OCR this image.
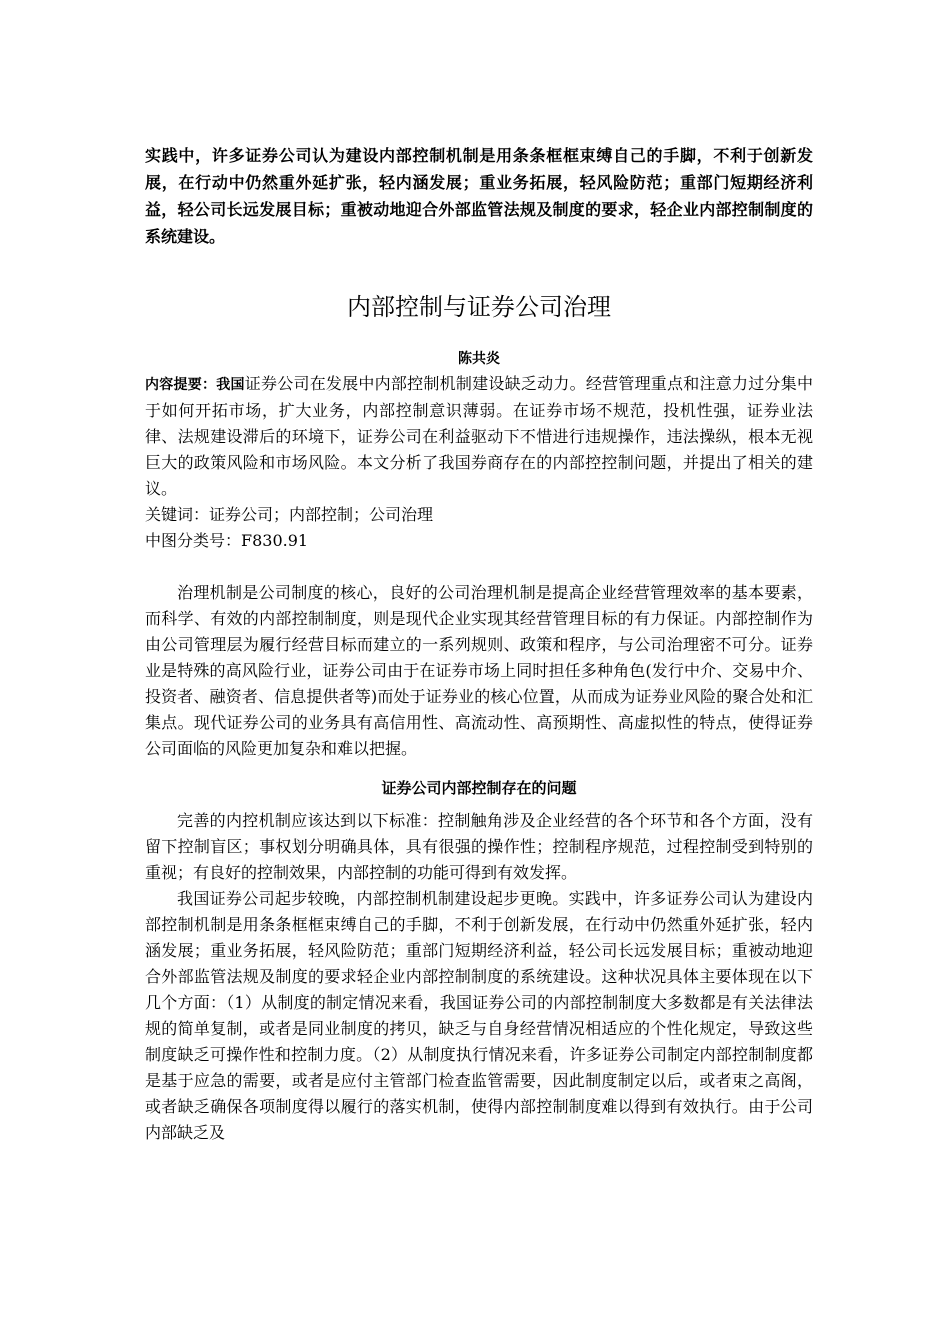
实践中，许多证券公司认为建设内部控制机制是用条条框框束缚自己的手脚，不利于创新发展，在行动中仍然重外延扩张，轻内涵发展；重业务拓展，轻风险防范；重部门短期经济利益，轻公司长远发展目标；重被动地迎合外部监管法规及制度的要求，轻企业内部控制制度的系统建设。

内部控制与证券公司治理
陈共炎

内容提要：我国证券公司在发展中内部控制机制建设缺乏动力。经营管理重点和注意力过分集中于如何开拓市场，扩大业务，内部控制意识薄弱。在证券市场不规范，投机性强，证券业法律、法规建设滞后的环境下，证券公司在利益驱动下不惜进行违规操作，违法操纵，根本无视巨大的政策风险和市场风险。本文分析了我国券商存在的内部控控制问题，并提出了相关的建议。

关键词：证券公司；内部控制；公司治理

中图分类号：F830.91

治理机制是公司制度的核心，良好的公司治理机制是提高企业经营管理效率的基本要素，而科学、有效的内部控制制度，则是现代企业实现其经营管理目标的有力保证。内部控制作为由公司管理层为履行经营目标而建立的一系列规则、政策和程序，与公司治理密不可分。证券业是特殊的高风险行业，证券公司由于在证券市场上同时担任多种角色(发行中介、交易中介、投资者、融资者、信息提供者等)而处于证券业的核心位置，从而成为证券业风险的聚合处和汇集点。现代证券公司的业务具有高信用性、高流动性、高预期性、高虚拟性的特点，使得证券公司面临的风险更加复杂和难以把握。

证券公司内部控制存在的问题

完善的内控机制应该达到以下标准：控制触角涉及企业经营的各个环节和各个方面，没有留下控制盲区；事权划分明确具体，具有很强的操作性；控制程序规范，过程控制受到特别的重视；有良好的控制效果，内部控制的功能可得到有效发挥。

我国证券公司起步较晚，内部控制机制建设起步更晚。实践中，许多证券公司认为建设内部控制机制是用条条框框束缚自己的手脚，不利于创新发展，在行动中仍然重外延扩张，轻内涵发展；重业务拓展，轻风险防范；重部门短期经济利益，轻公司长远发展目标；重被动地迎合外部监管法规及制度的要求轻企业内部控制制度的系统建设。这种状况具体主要体现在以下几个方面：（1）从制度的制定情况来看，我国证券公司的内部控制制度大多数都是有关法律法规的简单复制，或者是同业制度的拷贝，缺乏与自身经营情况相适应的个性化规定，导致这些制度缺乏可操作性和控制力度。（2）从制度执行情况来看，许多证券公司制定内部控制制度都是基于应急的需要，或者是应付主管部门检查监管需要，因此制度制定以后，或者束之高阁，或者缺乏确保各项制度得以履行的落实机制，使得内部控制制度难以得到有效执行。由于公司内部缺乏及
